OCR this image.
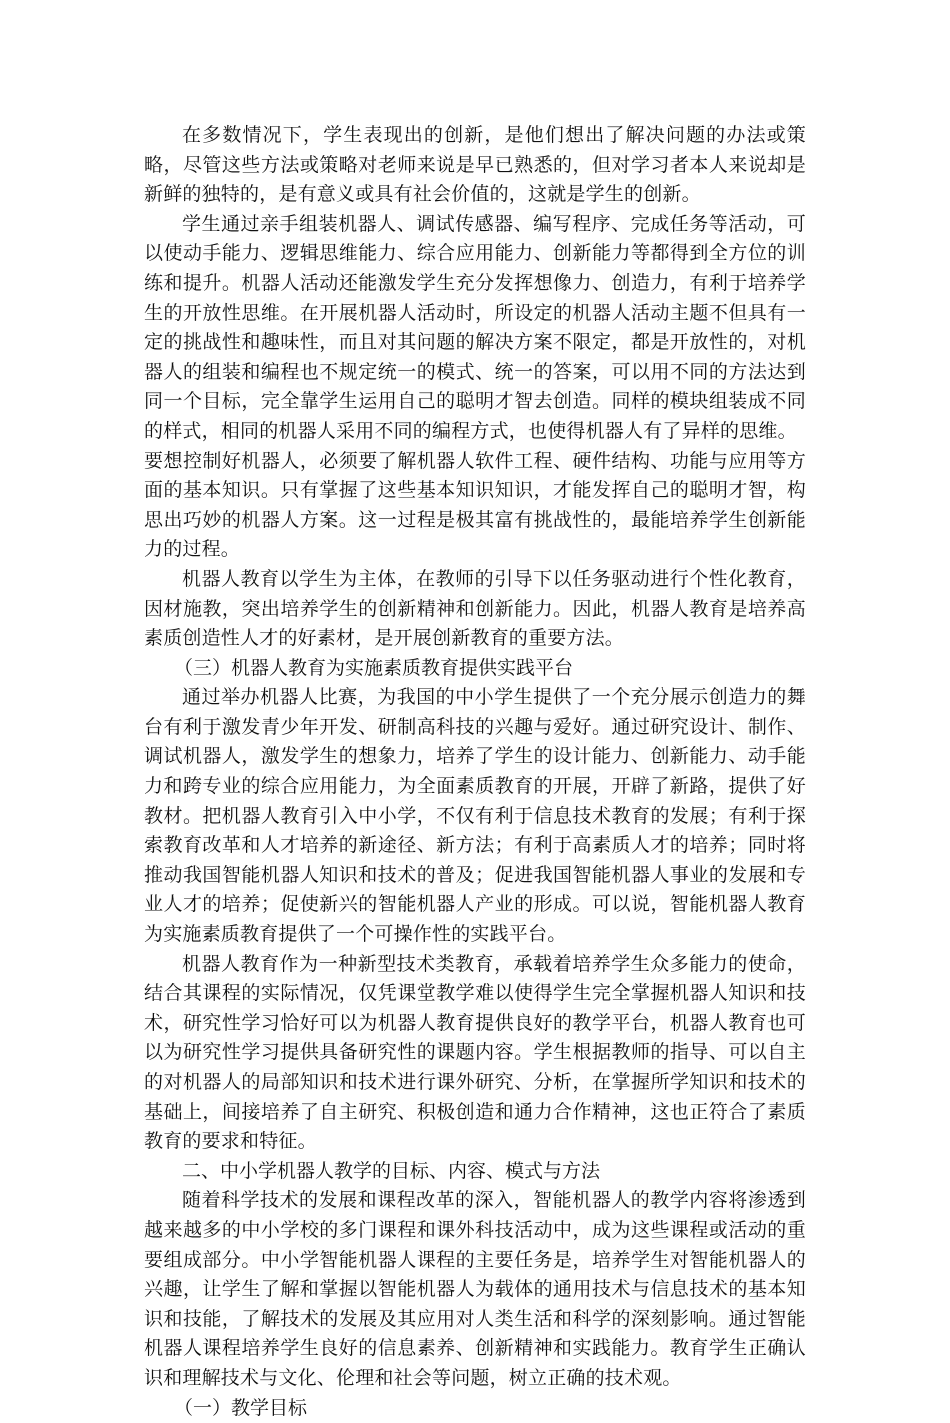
在多数情况下，学生表现出的创新，是他们想出了解决问题的办法或策略，尽管这些方法或策略对老师来说是早已熟悉的，但对学习者本人来说却是新鲜的独特的，是有意义或具有社会价值的，这就是学生的创新。

学生通过亲手组装机器人、调试传感器、编写程序、完成任务等活动，可以使动手能力、逻辑思维能力、综合应用能力、创新能力等都得到全方位的训练和提升。机器人活动还能激发学生充分发挥想像力、创造力，有利于培养学生的开放性思维。在开展机器人活动时，所设定的机器人活动主题不但具有一定的挑战性和趣味性，而且对其问题的解决方案不限定，都是开放性的，对机器人的组装和编程也不规定统一的模式、统一的答案，可以用不同的方法达到同一个目标，完全靠学生运用自己的聪明才智去创造。同样的模块组装成不同的样式，相同的机器人采用不同的编程方式，也使得机器人有了异样的思维。

要想控制好机器人，必须要了解机器人软件工程、硬件结构、功能与应用等方面的基本知识。只有掌握了这些基本知识知识，才能发挥自己的聪明才智，构思出巧妙的机器人方案。这一过程是极其富有挑战性的，最能培养学生创新能力的过程。

机器人教育以学生为主体，在教师的引导下以任务驱动进行个性化教育，因材施教，突出培养学生的创新精神和创新能力。因此，机器人教育是培养高素质创造性人才的好素材，是开展创新教育的重要方法。

（三）机器人教育为实施素质教育提供实践平台

通过举办机器人比赛，为我国的中小学生提供了一个充分展示创造力的舞台有利于激发青少年开发、研制高科技的兴趣与爱好。通过研究设计、制作、调试机器人，激发学生的想象力，培养了学生的设计能力、创新能力、动手能力和跨专业的综合应用能力，为全面素质教育的开展，开辟了新路，提供了好教材。把机器人教育引入中小学，不仅有利于信息技术教育的发展；有利于探索教育改革和人才培养的新途径、新方法；有利于高素质人才的培养；同时将推动我国智能机器人知识和技术的普及；促进我国智能机器人事业的发展和专业人才的培养；促使新兴的智能机器人产业的形成。可以说，智能机器人教育为实施素质教育提供了一个可操作性的实践平台。

机器人教育作为一种新型技术类教育，承载着培养学生众多能力的使命，结合其课程的实际情况，仅凭课堂教学难以使得学生完全掌握机器人知识和技术，研究性学习恰好可以为机器人教育提供良好的教学平台，机器人教育也可以为研究性学习提供具备研究性的课题内容。学生根据教师的指导、可以自主的对机器人的局部知识和技术进行课外研究、分析，在掌握所学知识和技术的基础上，间接培养了自主研究、积极创造和通力合作精神，这也正符合了素质教育的要求和特征。

二、中小学机器人教学的目标、内容、模式与方法

随着科学技术的发展和课程改革的深入，智能机器人的教学内容将渗透到越来越多的中小学校的多门课程和课外科技活动中，成为这些课程或活动的重要组成部分。中小学智能机器人课程的主要任务是，培养学生对智能机器人的兴趣，让学生了解和掌握以智能机器人为载体的通用技术与信息技术的基本知识和技能，了解技术的发展及其应用对人类生活和科学的深刻影响。通过智能机器人课程培养学生良好的信息素养、创新精神和实践能力。教育学生正确认识和理解技术与文化、伦理和社会等问题，树立正确的技术观。

（一）教学目标
